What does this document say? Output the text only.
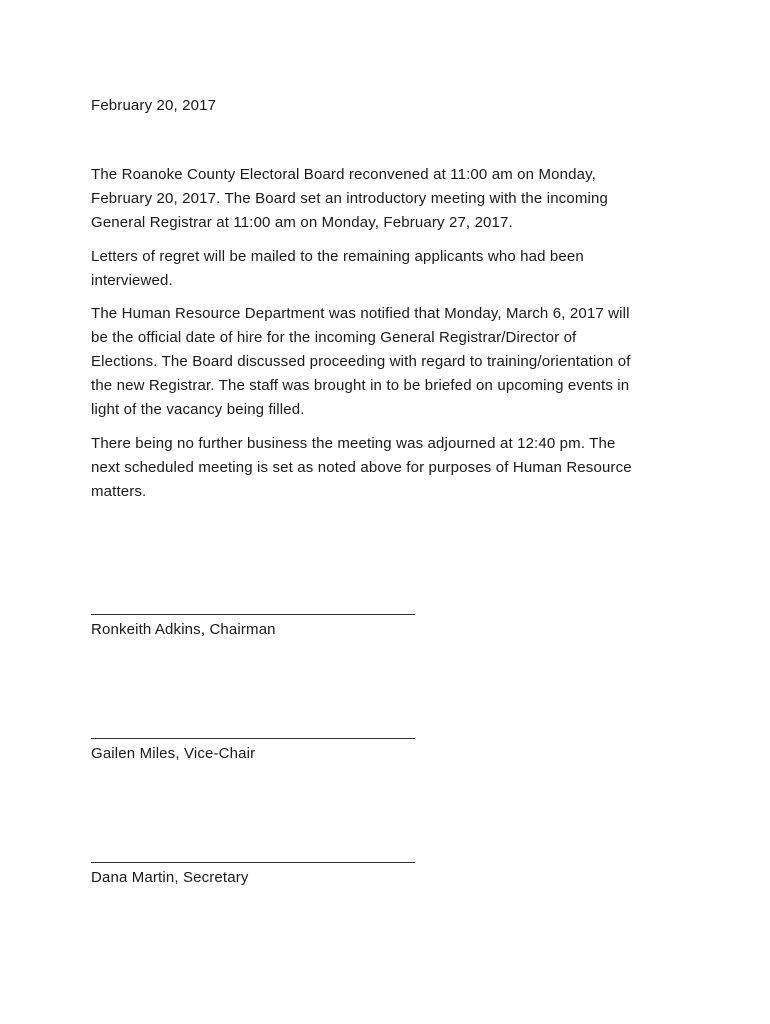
February 20, 2017
The Roanoke County Electoral Board reconvened at 11:00 am on Monday,
February 20, 2017. The Board set an introductory meeting with the incoming
General Registrar at 11:00 am on Monday, February 27, 2017.
Letters of regret will be mailed to the remaining applicants who had been
interviewed.
The Human Resource Department was notified that Monday, March 6, 2017 will
be the official date of hire for the incoming General Registrar/Director of
Elections. The Board discussed proceeding with regard to training/orientation of
the new Registrar. The staff was brought in to be briefed on upcoming events in
light of the vacancy being filled.
There being no further business the meeting was adjourned at 12:40 pm. The
next scheduled meeting is set as noted above for purposes of Human Resource
matters.
Ronkeith Adkins, Chairman
Gailen Miles, Vice-Chair
Dana Martin, Secretary
